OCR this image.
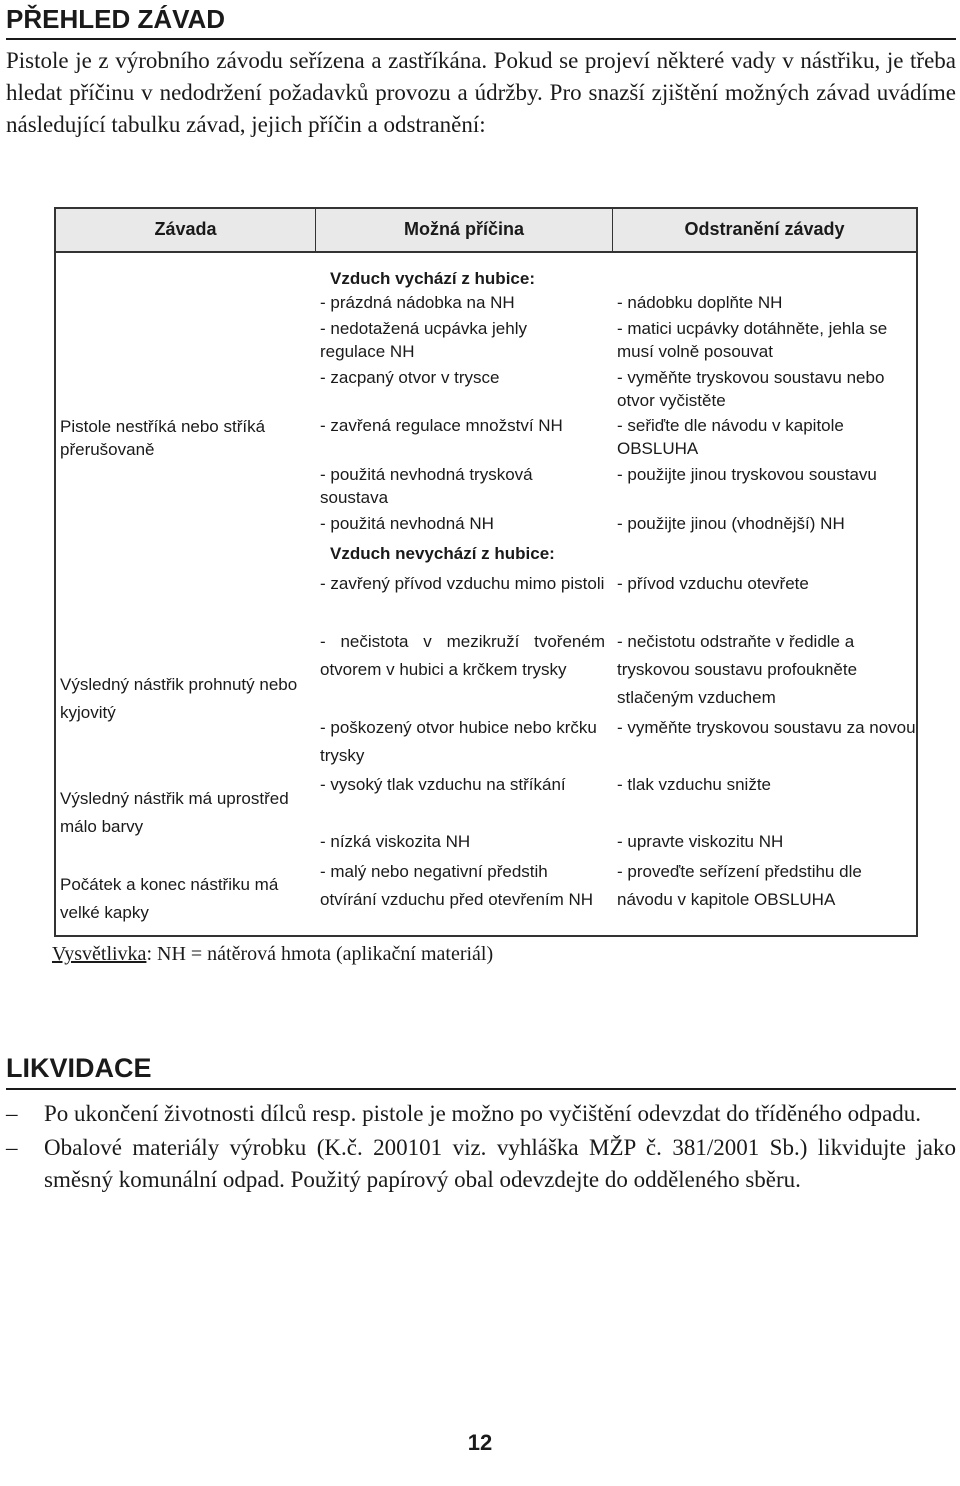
PŘEHLED ZÁVAD
Pistole je z výrobního závodu seřízena a zastříkána. Pokud se projeví některé vady v nástřiku, je třeba hledat příčinu v nedodržení požadavků provozu a údržby. Pro snazší zjištění možných závad uvádíme následující tabulku závad, jejich příčin a odstranění:
Závada	Možná příčina	Odstranění závady
Pistole nestříká nebo stříká přerušovaně
Výsledný nástřik prohnutý nebo kyjovitý
Výsledný nástřik má uprostřed málo barvy
Počátek a konec nástřiku má velké kapky
Vzduch vychází z hubice:
Vzduch nevychází z hubice:
- prázdná nádobka na NH
- nedotažená ucpávka jehly regulace NH
- zacpaný otvor v trysce
- zavřená regulace množství NH
- použitá nevhodná trysková soustava
- použitá nevhodná NH
- zavřený přívod vzduchu mimo pistoli
- nečistota v mezikruží tvořeném otvorem v hubici a krčkem trysky
- poškozený otvor hubice nebo krčku trysky
- vysoký tlak vzduchu na stříkání
- nízká viskozita NH
- malý nebo negativní předstih otvírání vzduchu před otevřením NH
- nádobku doplňte NH
- matici ucpávky dotáhněte, jehla se musí volně posouvat
- vyměňte tryskovou soustavu nebo otvor vyčistěte
- seřiďte dle návodu v kapitole OBSLUHA
- použijte jinou tryskovou soustavu
- použijte jinou (vhodnější) NH
- přívod vzduchu otevřete
- nečistotu odstraňte v ředidle a tryskovou soustavu profoukněte stlačeným vzduchem
- vyměňte tryskovou soustavu za novou
- tlak vzduchu snižte
- upravte viskozitu NH
- proveďte seřízení předstihu dle návodu v kapitole OBSLUHA
Vysvětlivka: NH = nátěrová hmota (aplikační materiál)
LIKVIDACE
– Po ukončení životnosti dílců resp. pistole je možno po vyčištění odevzdat do tříděného odpadu.
– Obalové materiály výrobku (K.č. 200101 viz. vyhláška MŽP č. 381/2001 Sb.) likvidujte jako směsný komunální odpad. Použitý papírový obal odevzdejte do odděleného sběru.
12
